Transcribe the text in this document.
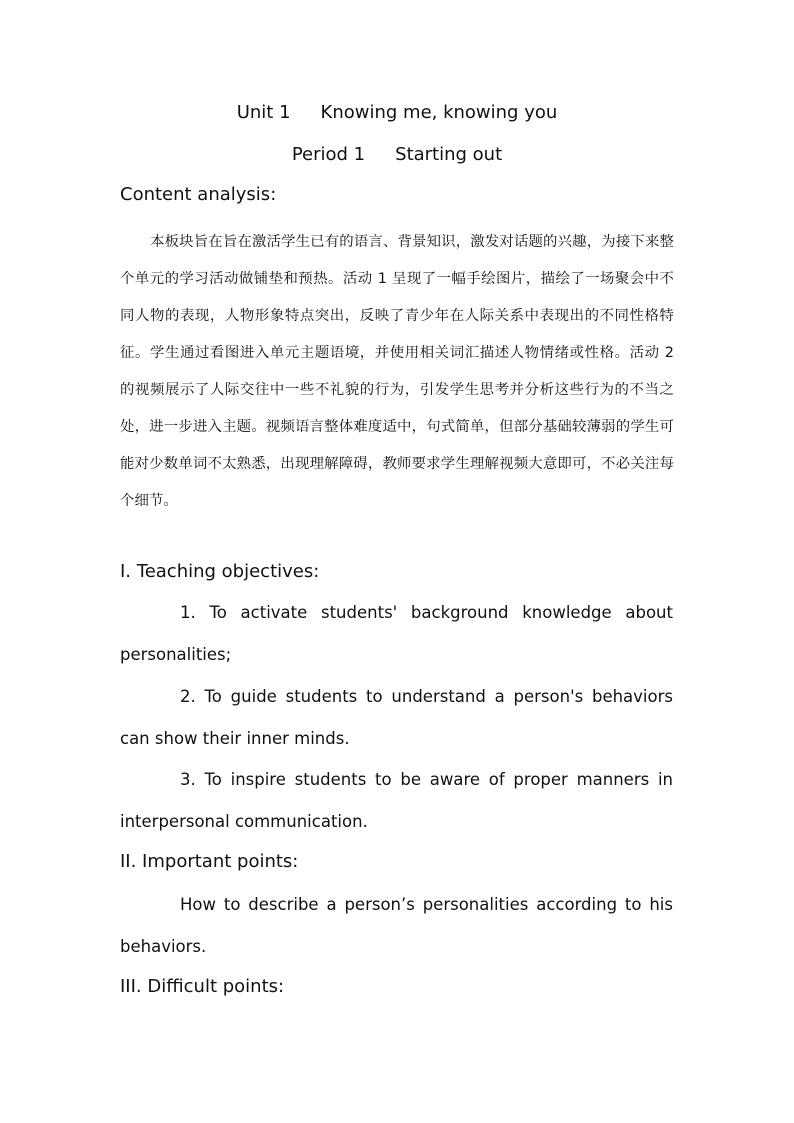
Unit 1 Knowing me, knowing you
Period 1 Starting out
Content analysis:
本板块旨在旨在激活学生已有的语言、背景知识，激发对话题的兴趣，为接下来整个单元的学习活动做铺垫和预热。活动 1 呈现了一幅手绘图片，描绘了一场聚会中不同人物的表现，人物形象特点突出，反映了青少年在人际关系中表现出的不同性格特征。学生通过看图进入单元主题语境，并使用相关词汇描述人物情绪或性格。活动 2 的视频展示了人际交往中一些不礼貌的行为，引发学生思考并分析这些行为的不当之处，进一步进入主题。视频语言整体难度适中，句式简单，但部分基础较薄弱的学生可能对少数单词不太熟悉，出现理解障碍，教师要求学生理解视频大意即可，不必关注每个细节。
I. Teaching objectives:
1. To activate students' background knowledge about personalities;
2. To guide students to understand a person's behaviors can show their inner minds.
3. To inspire students to be aware of proper manners in interpersonal communication.
II. Important points:
How to describe a person’s personalities according to his behaviors.
III. Difficult points:
